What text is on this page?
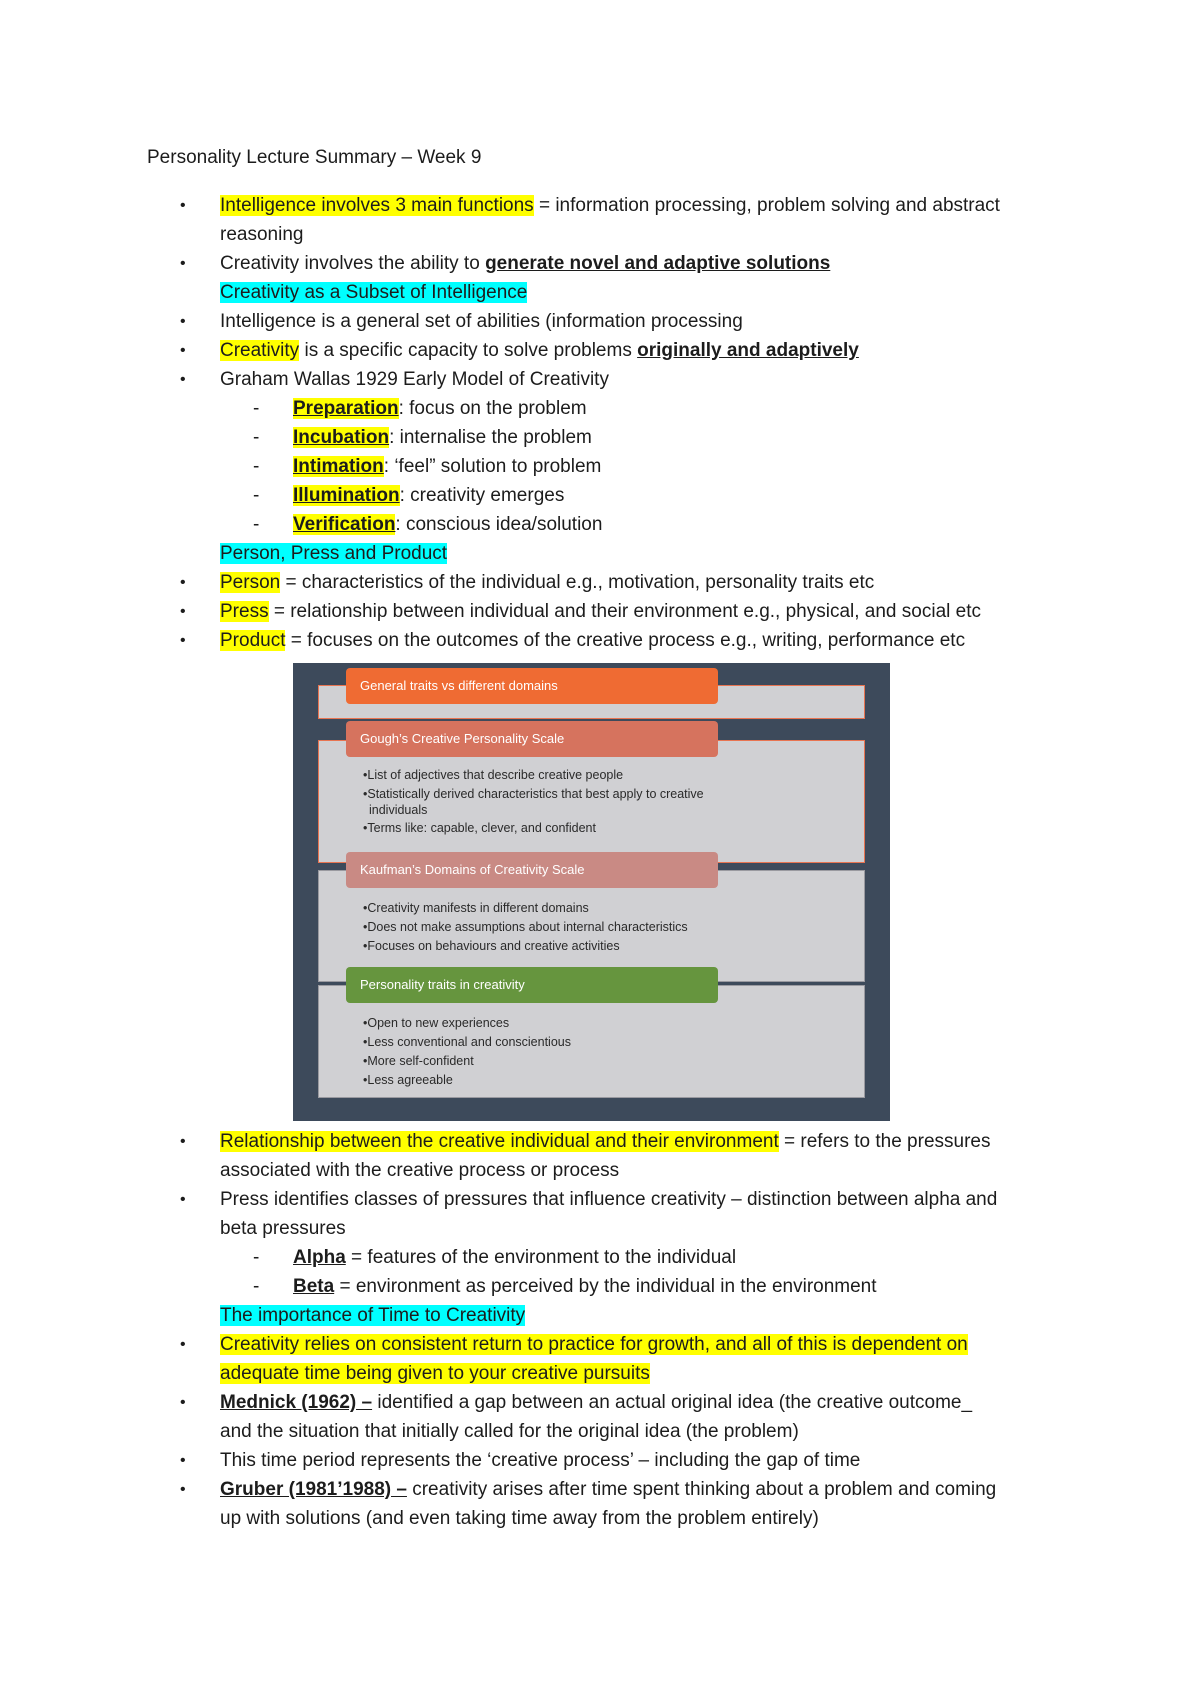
Personality Lecture Summary – Week 9
• Intelligence involves 3 main functions = information processing, problem solving and abstract
reasoning
• Creativity involves the ability to generate novel and adaptive solutions
Creativity as a Subset of Intelligence
• Intelligence is a general set of abilities (information processing
• Creativity is a specific capacity to solve problems originally and adaptively
• Graham Wallas 1929 Early Model of Creativity
- Preparation: focus on the problem
- Incubation: internalise the problem
- Intimation: ‘feel” solution to problem
- Illumination: creativity emerges
- Verification: conscious idea/solution
Person, Press and Product
• Person = characteristics of the individual e.g., motivation, personality traits etc
• Press = relationship between individual and their environment e.g., physical, and social etc
• Product = focuses on the outcomes of the creative process e.g., writing, performance etc
General traits vs different domains
Gough’s Creative Personality Scale
•List of adjectives that describe creative people
•Statistically derived characteristics that best apply to creative
individuals
•Terms like: capable, clever, and confident
Kaufman’s Domains of Creativity Scale
•Creativity manifests in different domains
•Does not make assumptions about internal characteristics
•Focuses on behaviours and creative activities
Personality traits in creativity
•Open to new experiences
•Less conventional and conscientious
•More self-confident
•Less agreeable
• Relationship between the creative individual and their environment = refers to the pressures
associated with the creative process or process
• Press identifies classes of pressures that influence creativity – distinction between alpha and
beta pressures
- Alpha = features of the environment to the individual
- Beta = environment as perceived by the individual in the environment
The importance of Time to Creativity
• Creativity relies on consistent return to practice for growth, and all of this is dependent on
adequate time being given to your creative pursuits
• Mednick (1962) – identified a gap between an actual original idea (the creative outcome_
and the situation that initially called for the original idea (the problem)
• This time period represents the ‘creative process’ – including the gap of time
• Gruber (1981’1988) – creativity arises after time spent thinking about a problem and coming
up with solutions (and even taking time away from the problem entirely)
